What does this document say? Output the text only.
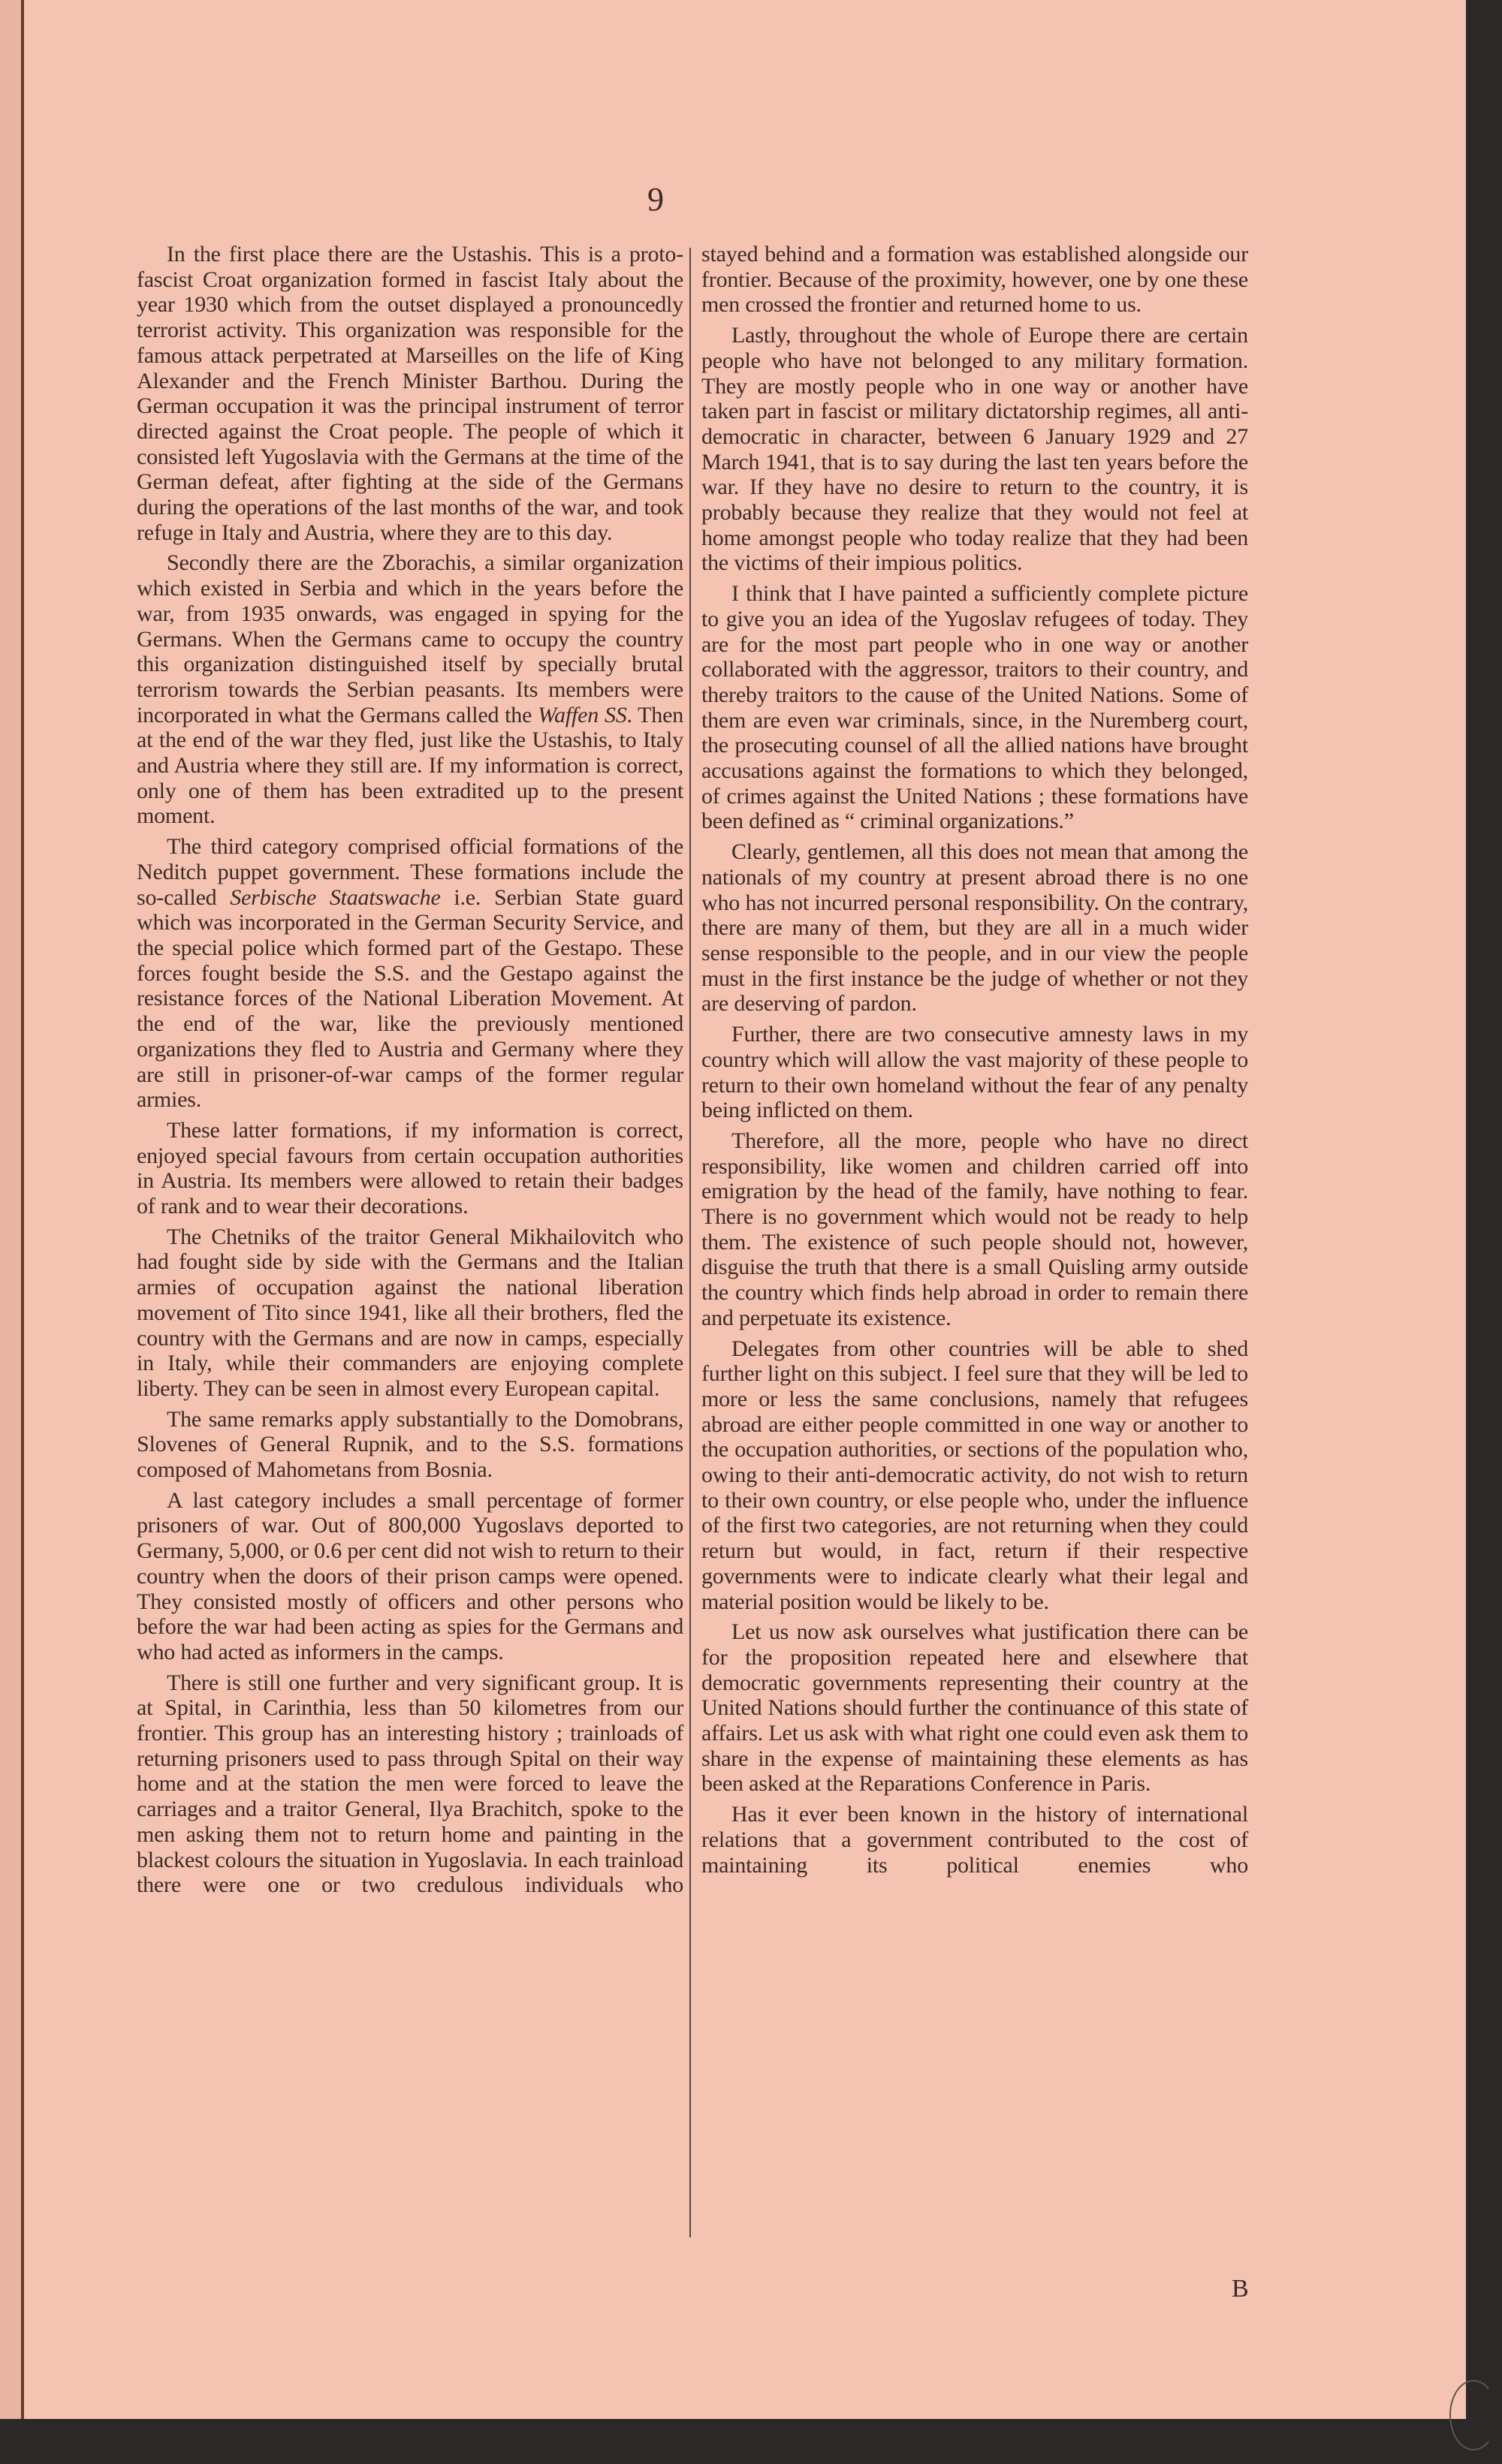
9

In the first place there are the Ustashis. This is a proto-fascist Croat organization formed in fascist Italy about the year 1930 which from the outset displayed a pronouncedly terrorist activity. This organization was responsible for the famous attack perpetrated at Marseilles on the life of King Alexander and the French Minister Barthou. During the German occupation it was the principal instrument of terror directed against the Croat people. The people of which it consisted left Yugoslavia with the Germans at the time of the German defeat, after fighting at the side of the Germans during the operations of the last months of the war, and took refuge in Italy and Austria, where they are to this day.

Secondly there are the Zborachis, a similar organization which existed in Serbia and which in the years before the war, from 1935 onwards, was engaged in spying for the Germans. When the Germans came to occupy the country this organization distinguished itself by specially brutal terrorism towards the Serbian peasants. Its members were incorporated in what the Germans called the Waffen SS. Then at the end of the war they fled, just like the Ustashis, to Italy and Austria where they still are. If my information is correct, only one of them has been extradited up to the present moment.

The third category comprised official formations of the Neditch puppet government. These formations include the so-called Serbische Staatswache i.e. Serbian State guard which was incorporated in the German Security Service, and the special police which formed part of the Gestapo. These forces fought beside the S.S. and the Gestapo against the resistance forces of the National Liberation Movement. At the end of the war, like the previously mentioned organizations they fled to Austria and Germany where they are still in prisoner-of-war camps of the former regular armies.

These latter formations, if my information is correct, enjoyed special favours from certain occupation authorities in Austria. Its members were allowed to retain their badges of rank and to wear their decorations.

The Chetniks of the traitor General Mikhailovitch who had fought side by side with the Germans and the Italian armies of occupation against the national liberation movement of Tito since 1941, like all their brothers, fled the country with the Germans and are now in camps, especially in Italy, while their commanders are enjoying complete liberty. They can be seen in almost every European capital.

The same remarks apply substantially to the Domobrans, Slovenes of General Rupnik, and to the S.S. formations composed of Mahometans from Bosnia.

A last category includes a small percentage of former prisoners of war. Out of 800,000 Yugoslavs deported to Germany, 5,000, or 0.6 per cent did not wish to return to their country when the doors of their prison camps were opened. They consisted mostly of officers and other persons who before the war had been acting as spies for the Germans and who had acted as informers in the camps.

There is still one further and very significant group. It is at Spital, in Carinthia, less than 50 kilometres from our frontier. This group has an interesting history ; trainloads of returning prisoners used to pass through Spital on their way home and at the station the men were forced to leave the carriages and a traitor General, Ilya Brachitch, spoke to the men asking them not to return home and painting in the blackest colours the situation in Yugoslavia. In each trainload there were one or two credulous individuals who

stayed behind and a formation was established alongside our frontier. Because of the proximity, however, one by one these men crossed the frontier and returned home to us.

Lastly, throughout the whole of Europe there are certain people who have not belonged to any military formation. They are mostly people who in one way or another have taken part in fascist or military dictatorship regimes, all anti-democratic in character, between 6 January 1929 and 27 March 1941, that is to say during the last ten years before the war. If they have no desire to return to the country, it is probably because they realize that they would not feel at home amongst people who today realize that they had been the victims of their impious politics.

I think that I have painted a sufficiently complete picture to give you an idea of the Yugoslav refugees of today. They are for the most part people who in one way or another collaborated with the aggressor, traitors to their country, and thereby traitors to the cause of the United Nations. Some of them are even war criminals, since, in the Nuremberg court, the prosecuting counsel of all the allied nations have brought accusations against the formations to which they belonged, of crimes against the United Nations ; these formations have been defined as “ criminal organizations.”

Clearly, gentlemen, all this does not mean that among the nationals of my country at present abroad there is no one who has not incurred personal responsibility. On the contrary, there are many of them, but they are all in a much wider sense responsible to the people, and in our view the people must in the first instance be the judge of whether or not they are deserving of pardon.

Further, there are two consecutive amnesty laws in my country which will allow the vast majority of these people to return to their own homeland without the fear of any penalty being inflicted on them.

Therefore, all the more, people who have no direct responsibility, like women and children carried off into emigration by the head of the family, have nothing to fear. There is no government which would not be ready to help them. The existence of such people should not, however, disguise the truth that there is a small Quisling army outside the country which finds help abroad in order to remain there and perpetuate its existence.

Delegates from other countries will be able to shed further light on this subject. I feel sure that they will be led to more or less the same conclusions, namely that refugees abroad are either people committed in one way or another to the occupation authorities, or sections of the population who, owing to their anti-democratic activity, do not wish to return to their own country, or else people who, under the influence of the first two categories, are not returning when they could return but would, in fact, return if their respective governments were to indicate clearly what their legal and material position would be likely to be.

Let us now ask ourselves what justification there can be for the proposition repeated here and elsewhere that democratic governments representing their country at the United Nations should further the continuance of this state of affairs. Let us ask with what right one could even ask them to share in the expense of maintaining these elements as has been asked at the Reparations Conference in Paris.

Has it ever been known in the history of international relations that a government contributed to the cost of maintaining its political enemies who

B
